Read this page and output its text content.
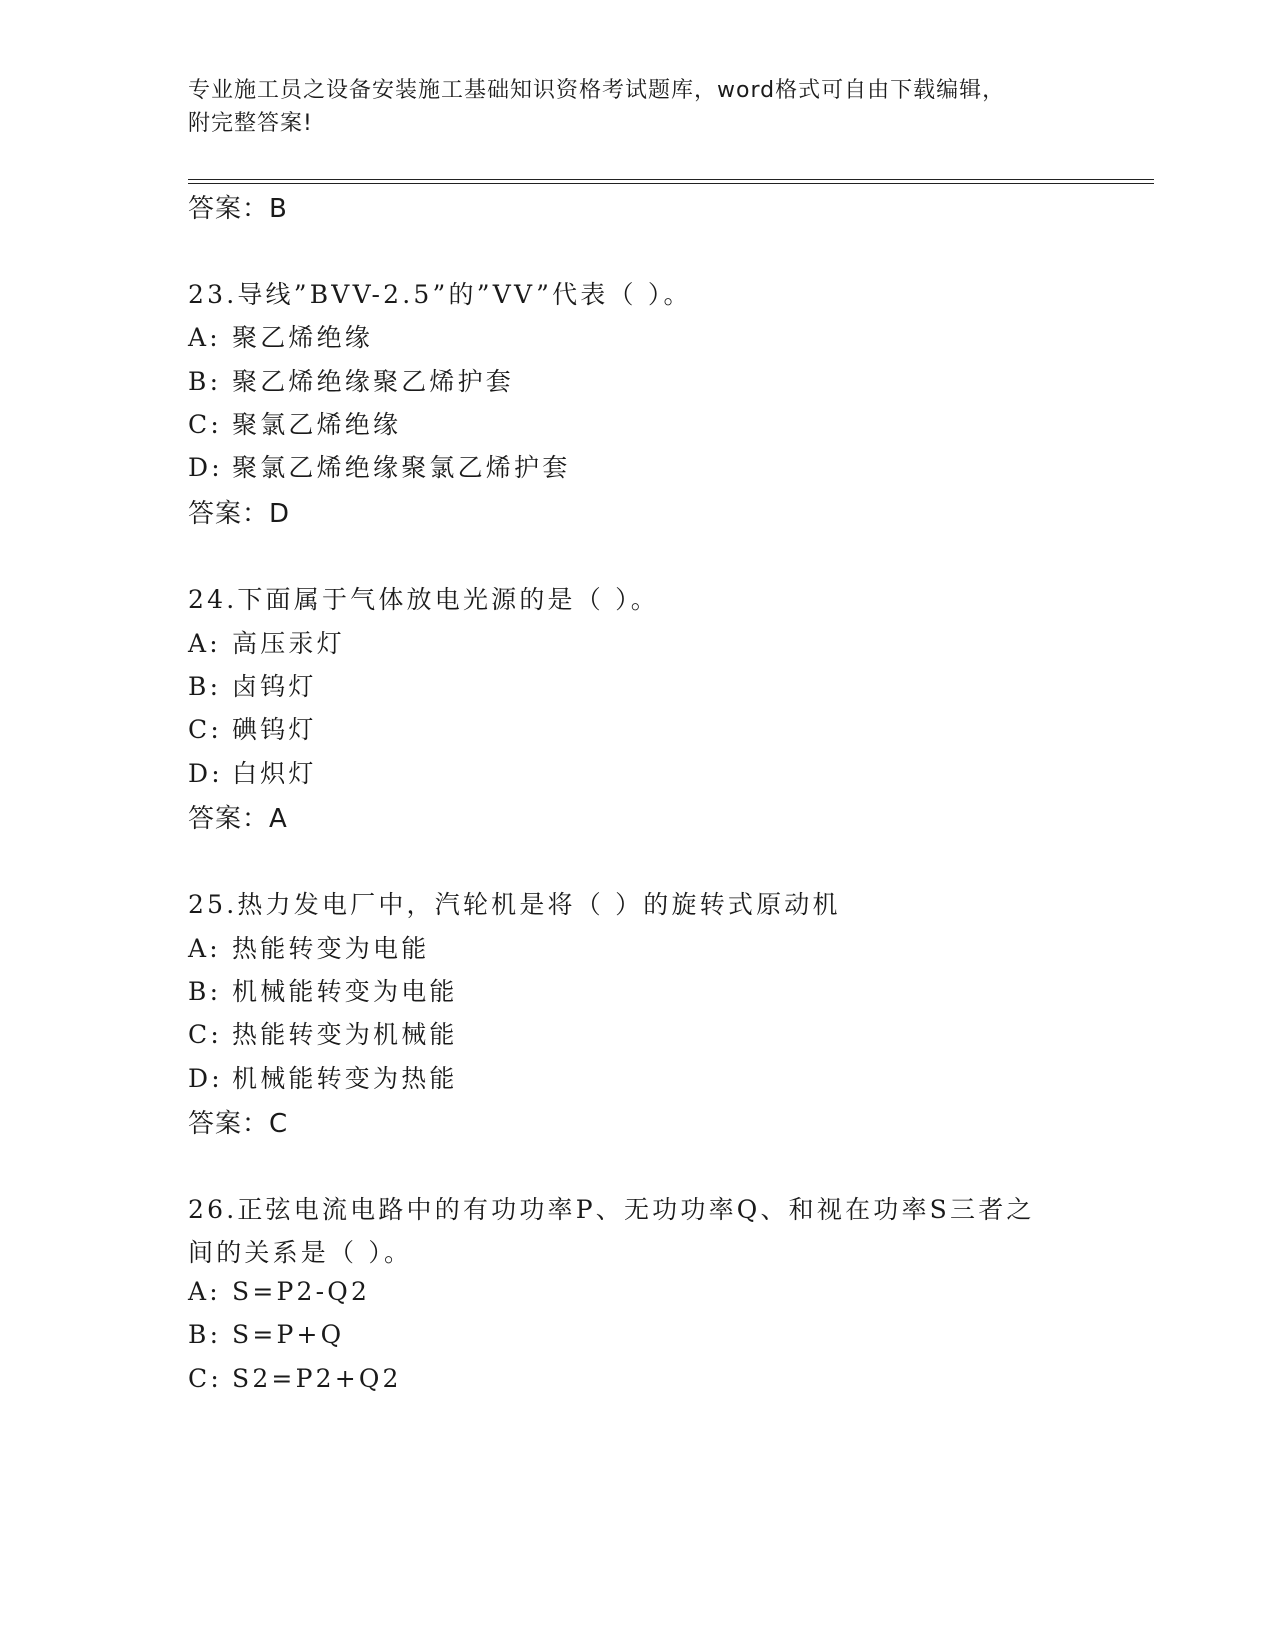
专业施工员之设备安装施工基础知识资格考试题库，word格式可自由下载编辑，
附完整答案!
答案：B
23.导线”BVV-2.5”的”VV”代表（ ）。
A: 聚乙烯绝缘
B: 聚乙烯绝缘聚乙烯护套
C: 聚氯乙烯绝缘
D: 聚氯乙烯绝缘聚氯乙烯护套
答案：D
24.下面属于气体放电光源的是（ ）。
A: 高压汞灯
B: 卤钨灯
C: 碘钨灯
D: 白炽灯
答案：A
25.热力发电厂中，汽轮机是将（ ）的旋转式原动机
A: 热能转变为电能
B: 机械能转变为电能
C: 热能转变为机械能
D: 机械能转变为热能
答案：C
26.正弦电流电路中的有功功率P、无功功率Q、和视在功率S三者之
间的关系是（ ）。
A: S=P2-Q2
B: S=P+Q
C: S2=P2+Q2
